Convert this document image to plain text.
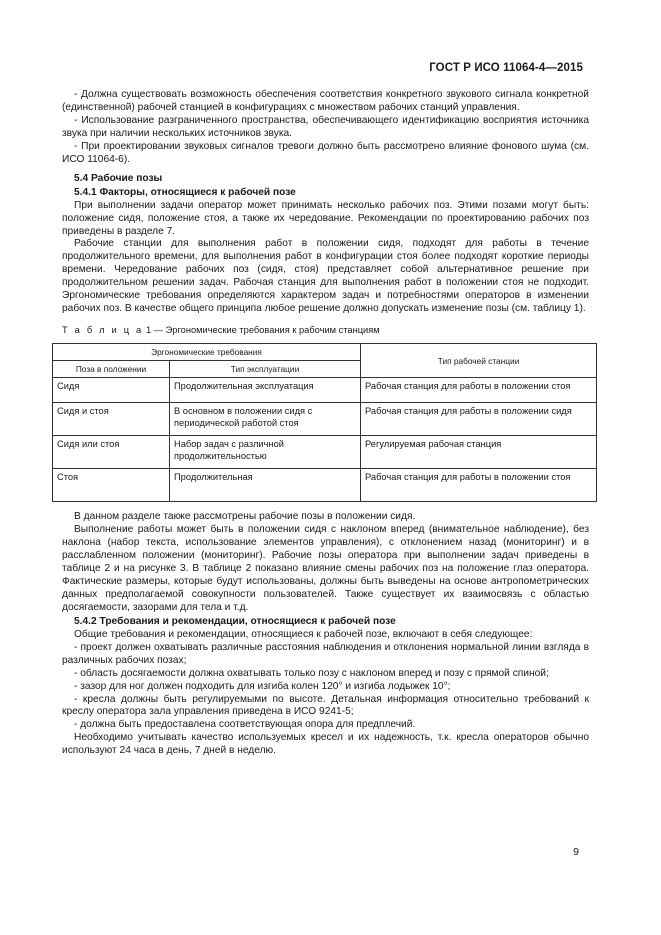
ГОСТ Р ИСО 11064-4—2015

- Должна существовать возможность обеспечения соответствия конкретного звукового сигнала конкретной (единственной) рабочей станцией в конфигурациях с множеством рабочих станций управления.

- Использование разграниченного пространства, обеспечивающего идентификацию восприятия источника звука при наличии нескольких источников звука.

- При проектировании звуковых сигналов тревоги должно быть рассмотрено влияние фонового шума (см. ИСО 11064-6).

5.4 Рабочие позы

5.4.1 Факторы, относящиеся к рабочей позе

При выполнении задачи оператор может принимать несколько рабочих поз. Этими позами могут быть: положение сидя, положение стоя, а также их чередование. Рекомендации по проектированию рабочих поз приведены в разделе 7.

Рабочие станции для выполнения работ в положении сидя, подходят для работы в течение продолжительного времени, для выполнения работ в конфигурации стоя более подходят короткие периоды времени. Чередование рабочих поз (сидя, стоя) представляет собой альтернативное решение при продолжительном решении задач. Рабочая станция для выполнения работ в положении стоя не подходит. Эргономические требования определяются характером задач и потребностями операторов в изменении рабочих поз. В качестве общего принципа любое решение должно допускать изменение позы (см. таблицу 1).

Т а б л и ц а 1 — Эргономические требования к рабочим станциям

Эргономические требования		Тип рабочей станции
Поза в положении	Тип эксплуатации	
Сидя	Продолжительная эксплуатация	Рабочая станция для работы в положении стоя
Сидя и стоя	В основном в положении сидя с периодической работой стоя	Рабочая станция для работы в положении сидя
Сидя или стоя	Набор задач с различной продолжительностью	Регулируемая рабочая станция
Стоя	Продолжительная	Рабочая станция для работы в положении стоя

В данном разделе также рассмотрены рабочие позы в положении сидя.

Выполнение работы может быть в положении сидя с наклоном вперед (внимательное наблюдение), без наклона (набор текста, использование элементов управления), с отклонением назад (мониторинг) и в расслабленном положении (мониторинг). Рабочие позы оператора при выполнении задач приведены в таблице 2 и на рисунке 3. В таблице 2 показано влияние смены рабочих поз на положение глаз оператора. Фактические размеры, которые будут использованы, должны быть выведены на основе антропометрических данных предполагаемой совокупности пользователей. Также существует их взаимосвязь с областью досягаемости, зазорами для тела и т.д.

5.4.2 Требования и рекомендации, относящиеся к рабочей позе

Общие требования и рекомендации, относящиеся к рабочей позе, включают в себя следующее:

- проект должен охватывать различные расстояния наблюдения и отклонения нормальной линии взгляда в различных рабочих позах;

- область досягаемости должна охватывать только позу с наклоном вперед и позу с прямой спиной;

- зазор для ног должен подходить для изгиба колен 120° и изгиба лодыжек 10°;

- кресла должны быть регулируемыми по высоте. Детальная информация относительно требований к креслу оператора зала управления приведена в ИСО 9241-5;

- должна быть предоставлена соответствующая опора для предплечий.

Необходимо учитывать качество используемых кресел и их надежность, т.к. кресла операторов обычно используют 24 часа в день, 7 дней в неделю.

9
